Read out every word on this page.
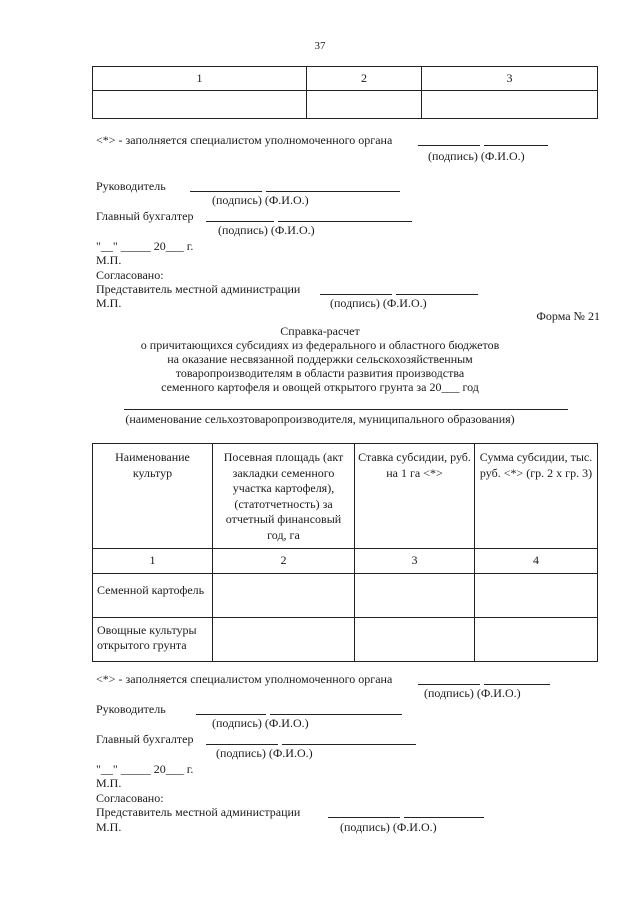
37
1	2	3

<*> - заполняется специалистом уполномоченного органа
(подпись) (Ф.И.О.)
Руководитель
(подпись) (Ф.И.О.)
Главный бухгалтер
(подпись) (Ф.И.О.)
"__" _____ 20___ г.
М.П.
Согласовано:
Представитель местной администрации
М.П.	(подпись) (Ф.И.О.)
Форма № 21
Справка-расчет
о причитающихся субсидиях из федерального и областного бюджетов
на оказание несвязанной поддержки сельскохозяйственным
товаропроизводителям в области развития производства
семенного картофеля и овощей открытого грунта за 20___ год
(наименование сельхозтоваропроизводителя, муниципального образования)
Наименование культур	Посевная площадь (акт закладки семенного участка картофеля), (статотчетность) за отчетный финансовый год, га	Ставка субсидии, руб. на 1 га <*>	Сумма субсидии, тыс. руб. <*> (гр. 2 х гр. 3)
1	2	3	4
Семенной картофель			
Овощные культуры открытого грунта			
<*> - заполняется специалистом уполномоченного органа
(подпись) (Ф.И.О.)
Руководитель
(подпись) (Ф.И.О.)
Главный бухгалтер
(подпись) (Ф.И.О.)
"__" _____ 20___ г.
М.П.
Согласовано:
Представитель местной администрации
М.П.	(подпись) (Ф.И.О.)
